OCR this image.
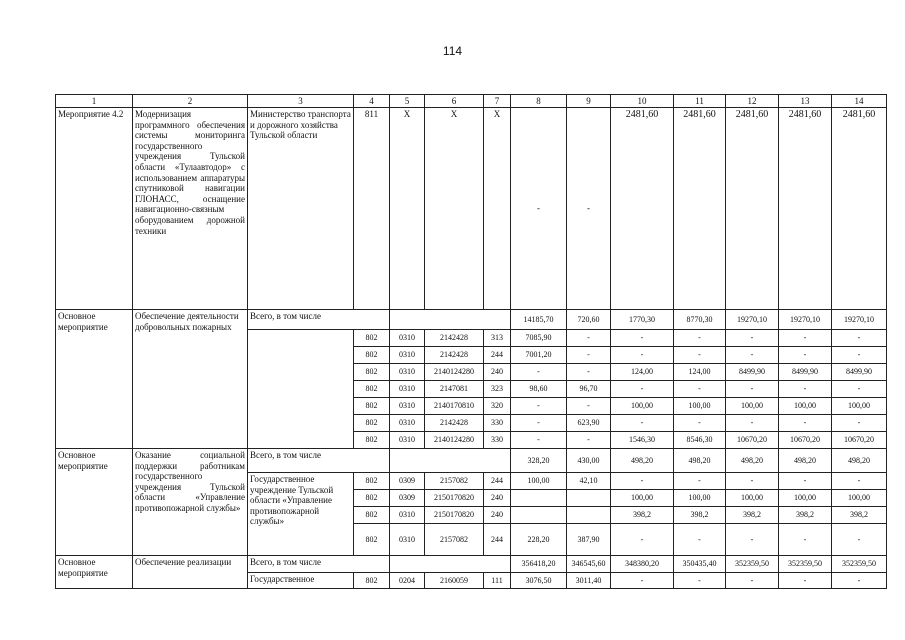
114
1	2	3	4	5	6	7	8	9	10	11	12	13	14
Мероприятие 4.2	Модернизация программного обеспечения системы мониторинга государственного учреждения Тульской области «Тулаавтодор» с использованием аппаратуры спутниковой навигации ГЛОНАСС, оснащение навигационно-связным оборудованием дорожной техники	Министерство транспорта и дорожного хозяйства Тульской области	811	Х	Х	Х	-	-	2481,60	2481,60	2481,60	2481,60	2481,60
Основное мероприятие	Обеспечение деятельности добровольных пожарных	Всего, в том числе					14185,70	720,60	1770,30	8770,30	19270,10	19270,10	19270,10
			802	0310	2142428	313	7085,90	-	-	-	-	-	-
			802	0310	2142428	244	7001,20	-	-	-	-	-	-
			802	0310	2140124280	240	-	-	124,00	124,00	8499,90	8499,90	8499,90
			802	0310	2147081	323	98,60	96,70	-	-	-	-	-
			802	0310	2140170810	320	-	-	100,00	100,00	100,00	100,00	100,00
			802	0310	2142428	330	-	623,90	-	-	-	-	-
			802	0310	2140124280	330	-	-	1546,30	8546,30	10670,20	10670,20	10670,20
Основное мероприятие	Оказание социальной поддержки работникам государственного учреждения Тульской области «Управление противопожарной службы»	Всего, в том числе					328,20	430,00	498,20	498,20	498,20	498,20	498,20
		Государственное учреждение Тульской области «Управление противопожарной службы»	802	0309	2157082	244	100,00	42,10	-	-	-	-	-
			802	0309	2150170820	240			100,00	100,00	100,00	100,00	100,00
			802	0310	2150170820	240			398,2	398,2	398,2	398,2	398,2
			802	0310	2157082	244	228,20	387,90	-	-	-	-	-
Основное мероприятие	Обеспечение реализации	Всего, в том числе					356418,20	346545,60	348380,20	350435,40	352359,50	352359,50	352359,50
		Государственное	802	0204	2160059	111	3076,50	3011,40	-	-	-	-	-
